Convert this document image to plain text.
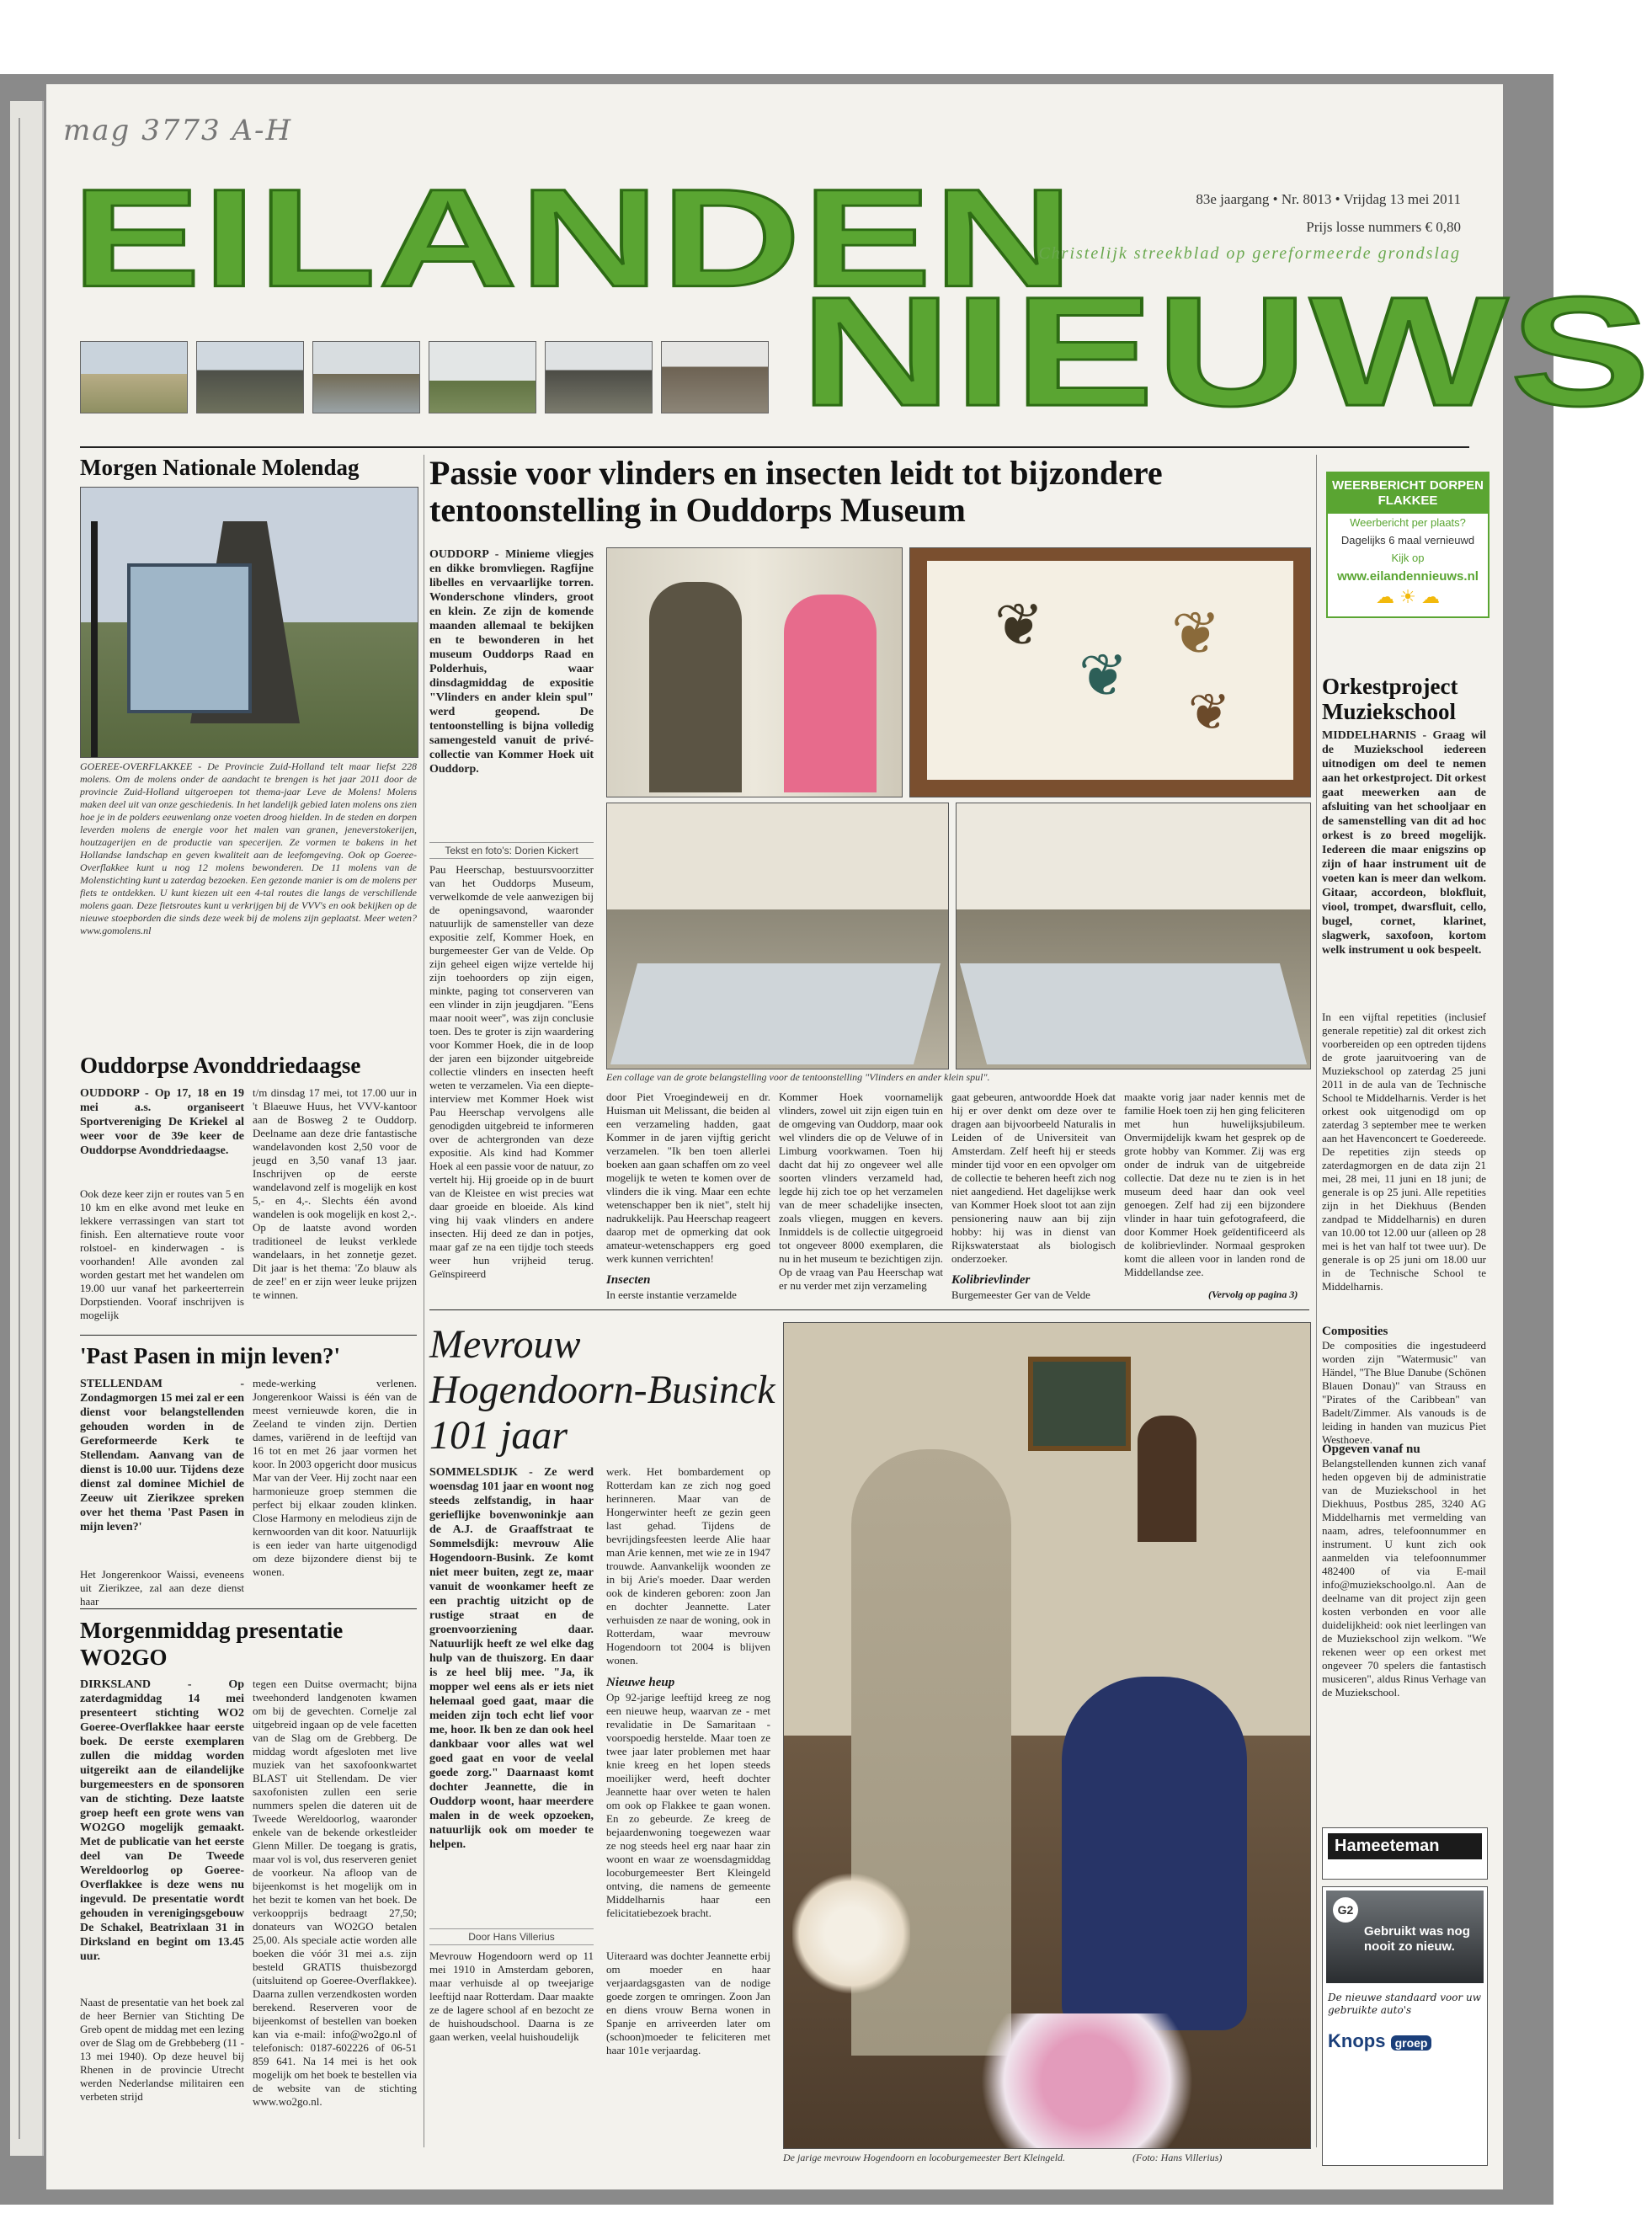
mag 3773 A-H
EILANDEN
NIEUWS
83e jaargang • Nr. 8013 • Vrijdag 13 mei 2011
Prijs losse nummers € 0,80
Christelijk streekblad op gereformeerde grondslag
Morgen Nationale Molendag
GOEREE-OVERFLAKKEE - De Provincie Zuid-Holland telt maar liefst 228 molens. Om de molens onder de aandacht te brengen is het jaar 2011 door de provincie Zuid-Holland uitgeroepen tot thema-jaar Leve de Molens! Molens maken deel uit van onze geschiedenis. In het landelijk gebied laten molens ons zien hoe je in de polders eeuwenlang onze voeten droog hielden. In de steden en dorpen leverden molens de energie voor het malen van granen, jeneverstokerijen, houtzagerijen en de productie van specerijen. Ze vormen te bakens in het Hollandse landschap en geven kwaliteit aan de leefomgeving. Ook op Goeree-Overflakkee kunt u nog 12 molens bewonderen. De 11 molens van de Molenstichting kunt u zaterdag bezoeken. Een gezonde manier is om de molens per fiets te ontdekken. U kunt kiezen uit een 4-tal routes die langs de verschillende molens gaan. Deze fietsroutes kunt u verkrijgen bij de VVV's en ook bekijken op de nieuwe stoepborden die sinds deze week bij de molens zijn geplaatst. Meer weten? www.gomolens.nl
Ouddorpse Avonddriedaagse
OUDDORP - Op 17, 18 en 19 mei a.s. organiseert Sportvereniging De Kriekel al weer voor de 39e keer de Ouddorpse Avonddriedaagse.
Ook deze keer zijn er routes van 5 en 10 km en elke avond met leuke en lekkere verrassingen van start tot finish. Een alternatieve route voor rolstoel- en kinderwagen - is voorhanden! Alle avonden zal worden gestart met het wandelen om 19.00 uur vanaf het parkeerterrein Dorpstienden. Vooraf inschrijven is mogelijk
t/m dinsdag 17 mei, tot 17.00 uur in 't Blaeuwe Huus, het VVV-kantoor aan de Bosweg 2 te Ouddorp. Deelname aan deze drie fantastische wandelavonden kost 2,50 voor de jeugd en 3,50 vanaf 13 jaar. Inschrijven op de eerste wandelavond zelf is mogelijk en kost 5,- en 4,-. Slechts één avond wandelen is ook mogelijk en kost 2,-. Op de laatste avond worden traditioneel de leukst verklede wandelaars, in het zonnetje gezet. Dit jaar is het thema: 'Zo blauw als de zee!' en er zijn weer leuke prijzen te winnen.
'Past Pasen in mijn leven?'
STELLENDAM - Zondagmorgen 15 mei zal er een dienst voor belangstellenden gehouden worden in de Gereformeerde Kerk te Stellendam. Aanvang van de dienst is 10.00 uur. Tijdens deze dienst zal dominee Michiel de Zeeuw uit Zierikzee spreken over het thema 'Past Pasen in mijn leven?'
Het Jongerenkoor Waissi, eveneens uit Zierikzee, zal aan deze dienst haar
mede-werking verlenen. Jongerenkoor Waissi is één van de meest vernieuwde koren, die in Zeeland te vinden zijn. Dertien dames, variërend in de leeftijd van 16 tot en met 26 jaar vormen het koor. In 2003 opgericht door musicus Mar van der Veer. Hij zocht naar een harmonieuze groep stemmen die perfect bij elkaar zouden klinken. Close Harmony en melodieus zijn de kernwoorden van dit koor. Natuurlijk is een ieder van harte uitgenodigd om deze bijzondere dienst bij te wonen.
Morgenmiddag presentatie WO2GO
DIRKSLAND - Op zaterdagmiddag 14 mei presenteert stichting WO2 Goeree-Overflakkee haar eerste boek. De eerste exemplaren zullen die middag worden uitgereikt aan de eilandelijke burgemeesters en de sponsoren van de stichting. Deze laatste groep heeft een grote wens van WO2GO mogelijk gemaakt. Met de publicatie van het eerste deel van De Tweede Wereldoorlog op Goeree-Overflakkee is deze wens nu ingevuld. De presentatie wordt gehouden in verenigingsgebouw De Schakel, Beatrixlaan 31 in Dirksland en begint om 13.45 uur.
Naast de presentatie van het boek zal de heer Bernier van Stichting De Greb opent de middag met een lezing over de Slag om de Grebbeberg (11 - 13 mei 1940). Op deze heuvel bij Rhenen in de provincie Utrecht werden Nederlandse militairen een verbeten strijd
tegen een Duitse overmacht; bijna tweehonderd landgenoten kwamen om bij de gevechten. Cornelje zal uitgebreid ingaan op de vele facetten van de Slag om de Grebberg. De middag wordt afgesloten met live muziek van het saxofoonkwartet BLAST uit Stellendam. De vier saxofonisten zullen een serie nummers spelen die dateren uit de Tweede Wereldoorlog, waaronder enkele van de bekende orkestleider Glenn Miller. De toegang is gratis, maar vol is vol, dus reserveren geniet de voorkeur. Na afloop van de bijeenkomst is het mogelijk om in het bezit te komen van het boek. De verkoopprijs bedraagt 27,50; donateurs van WO2GO betalen 25,00. Als speciale actie worden alle boeken die vóór 31 mei a.s. zijn besteld GRATIS thuisbezorgd (uitsluitend op Goeree-Overflakkee). Daarna zullen verzendkosten worden berekend. Reserveren voor de bijeenkomst of bestellen van boeken kan via e-mail: info@wo2go.nl of telefonisch: 0187-602226 of 06-51 859 641. Na 14 mei is het ook mogelijk om het boek te bestellen via de website van de stichting www.wo2go.nl.
Passie voor vlinders en insecten leidt tot bijzondere tentoonstelling in Ouddorps Museum
OUDDORP - Minieme vliegjes en dikke bromvliegen. Ragfijne libelles en vervaarlijke torren. Wonderschone vlinders, groot en klein. Ze zijn de komende maanden allemaal te bekijken en te bewonderen in het museum Ouddorps Raad en Polderhuis, waar dinsdagmiddag de expositie "Vlinders en ander klein spul" werd geopend. De tentoonstelling is bijna volledig samengesteld vanuit de privé-collectie van Kommer Hoek uit Ouddorp.
Tekst en foto's: Dorien Kickert
Pau Heerschap, bestuursvoorzitter van het Ouddorps Museum, verwelkomde de vele aanwezigen bij de openingsavond, waaronder natuurlijk de samensteller van deze expositie zelf, Kommer Hoek, en burgemeester Ger van de Velde. Op zijn geheel eigen wijze vertelde hij zijn toehoorders op zijn eigen, minkte, paging tot conserveren van een vlinder in zijn jeugdjaren. "Eens maar nooit weer", was zijn conclusie toen. Des te groter is zijn waardering voor Kommer Hoek, die in de loop der jaren een bijzonder uitgebreide collectie vlinders en insecten heeft weten te verzamelen. Via een diepte-interview met Kommer Hoek wist Pau Heerschap vervolgens alle genodigden uitgebreid te informeren over de achtergronden van deze expositie. Als kind had Kommer Hoek al een passie voor de natuur, zo vertelt hij. Hij groeide op in de buurt van de Kleistee en wist precies wat daar groeide en bloeide. Als kind ving hij vaak vlinders en andere insecten. Hij deed ze dan in potjes, maar gaf ze na een tijdje toch steeds weer hun vrijheid terug. Geïnspireerd
❦
❦
❦
❦
Een collage van de grote belangstelling voor de tentoonstelling "Vlinders en ander klein spul".
door Piet Vroegindeweij en dr. Huisman uit Melissant, die beiden al een verzameling hadden, gaat Kommer in de jaren vijftig gericht verzamelen. "Ik ben toen allerlei boeken aan gaan schaffen om zo veel mogelijk te weten te komen over de vlinders die ik ving. Maar een echte wetenschapper ben ik niet", stelt hij nadrukkelijk. Pau Heerschap reageert daarop met de opmerking dat ook amateur-wetenschappers erg goed werk kunnen verrichten!
Insecten
In eerste instantie verzamelde
Kommer Hoek voornamelijk vlinders, zowel uit zijn eigen tuin en de omgeving van Ouddorp, maar ook wel vlinders die op de Veluwe of in Limburg voorkwamen. Toen hij dacht dat hij zo ongeveer wel alle soorten vlinders verzameld had, legde hij zich toe op het verzamelen van de meer schadelijke insecten, zoals vliegen, muggen en kevers. Inmiddels is de collectie uitgegroeid tot ongeveer 8000 exemplaren, die nu in het museum te bezichtigen zijn. Op de vraag van Pau Heerschap wat er nu verder met zijn verzameling
gaat gebeuren, antwoordde Hoek dat hij er over denkt om deze over te dragen aan bijvoorbeeld Naturalis in Leiden of de Universiteit van Amsterdam. Zelf heeft hij er steeds minder tijd voor en een opvolger om de collectie te beheren heeft zich nog niet aangediend. Het dagelijkse werk van Kommer Hoek sloot tot aan zijn pensionering nauw aan bij zijn hobby: hij was in dienst van Rijkswaterstaat als biologisch onderzoeker.
Kolibrievlinder
Burgemeester Ger van de Velde
maakte vorig jaar nader kennis met de familie Hoek toen zij hen ging feliciteren met hun huwelijksjubileum. Onvermijdelijk kwam het gesprek op de grote hobby van Kommer. Zij was erg onder de indruk van de uitgebreide collectie. Dat deze nu te zien is in het museum deed haar dan ook veel genoegen. Zelf had zij een bijzondere vlinder in haar tuin gefotografeerd, die door Kommer Hoek geïdentificeerd als de kolibrievlinder. Normaal gesproken komt die alleen voor in landen rond de Middellandse zee.
(Vervolg op pagina 3)
Mevrouw Hogendoorn-Businck 101 jaar
SOMMELSDIJK - Ze werd woensdag 101 jaar en woont nog steeds zelfstandig, in haar gerieflijke bovenwoninkje aan de A.J. de Graaffstraat te Sommelsdijk: mevrouw Alie Hogendoorn-Busink. Ze komt niet meer buiten, zegt ze, maar vanuit de woonkamer heeft ze een prachtig uitzicht op de rustige straat en de groenvoorziening daar. Natuurlijk heeft ze wel elke dag hulp van de thuiszorg. En daar is ze heel blij mee. "Ja, ik mopper wel eens als er iets niet helemaal goed gaat, maar die meiden zijn toch echt lief voor me, hoor. Ik ben ze dan ook heel dankbaar voor alles wat wel goed gaat en voor de veelal goede zorg." Daarnaast komt dochter Jeannette, die in Ouddorp woont, haar meerdere malen in de week opzoeken, natuurlijk ook om moeder te helpen.
Door Hans Villerius
Mevrouw Hogendoorn werd op 11 mei 1910 in Amsterdam geboren, maar verhuisde al op tweejarige leeftijd naar Rotterdam. Daar maakte ze de lagere school af en bezocht ze de huishoudschool. Daarna is ze gaan werken, veelal huishoudelijk
werk. Het bombardement op Rotterdam kan ze zich nog goed herinneren. Maar van de Hongerwinter heeft ze gezin geen last gehad. Tijdens de bevrijdingsfeesten leerde Alie haar man Arie kennen, met wie ze in 1947 trouwde. Aanvankelijk woonden ze in bij Arie's moeder. Daar werden ook de kinderen geboren: zoon Jan en dochter Jeannette. Later verhuisden ze naar de woning, ook in Rotterdam, waar mevrouw Hogendoorn tot 2004 is blijven wonen.
Nieuwe heup
Op 92-jarige leeftijd kreeg ze nog een nieuwe heup, waarvan ze - met revalidatie in De Samaritaan - voorspoedig herstelde. Maar toen ze twee jaar later problemen met haar knie kreeg en het lopen steeds moeilijker werd, heeft dochter Jeannette haar over weten te halen om ook op Flakkee te gaan wonen. En zo gebeurde. Ze kreeg de bejaardenwoning toegewezen waar ze nog steeds heel erg naar haar zin woont en waar ze woensdagmiddag locoburgemeester Bert Kleingeld ontving, die namens de gemeente Middelharnis haar een felicitatiebezoek bracht.
Uiteraard was dochter Jeannette erbij om moeder en haar verjaardagsgasten van de nodige goede zorgen te omringen. Zoon Jan en diens vrouw Berna wonen in Spanje en arriveerden later om (schoon)moeder te feliciteren met haar 101e verjaardag.
De jarige mevrouw Hogendoorn en locoburgemeester Bert Kleingeld.	(Foto: Hans Villerius)
WEERBERICHT DORPEN FLAKKEE
Weerbericht per plaats?
Dagelijks 6 maal vernieuwd
Kijk op
www.eilandennieuws.nl
☁ ☀ ☁
Orkestproject Muziekschool
MIDDELHARNIS - Graag wil de Muziekschool iedereen uitnodigen om deel te nemen aan het orkestproject. Dit orkest gaat meewerken aan de afsluiting van het schooljaar en de samenstelling van dit ad hoc orkest is zo breed mogelijk. Iedereen die maar enigszins op zijn of haar instrument uit de voeten kan is meer dan welkom. Gitaar, accordeon, blokfluit, viool, trompet, dwarsfluit, cello, bugel, cornet, klarinet, slagwerk, saxofoon, kortom welk instrument u ook bespeelt.
In een vijftal repetities (inclusief generale repetitie) zal dit orkest zich voorbereiden op een optreden tijdens de grote jaaruitvoering van de Muziekschool op zaterdag 25 juni 2011 in de aula van de Technische School te Middelharnis. Verder is het orkest ook uitgenodigd om op zaterdag 3 september mee te werken aan het Havenconcert te Goedereede. De repetities zijn steeds op zaterdagmorgen en de data zijn 21 mei, 28 mei, 11 juni en 18 juni; de generale is op 25 juni. Alle repetities zijn in het Diekhuus (Benden zandpad te Middelharnis) en duren van 10.00 tot 12.00 uur (alleen op 28 mei is het van half tot twee uur). De generale is op 25 juni om 18.00 uur in de Technische School te Middelharnis.
Composities
De composities die ingestudeerd worden zijn "Watermusic" van Händel, "The Blue Danube (Schönen Blauen Donau)" van Strauss en "Pirates of the Caribbean" van Badelt/Zimmer. Als vanouds is de leiding in handen van muzicus Piet Westhoeve.
Opgeven vanaf nu
Belangstellenden kunnen zich vanaf heden opgeven bij de administratie van de Muziekschool in het Diekhuus, Postbus 285, 3240 AG Middelharnis met vermelding van naam, adres, telefoonnummer en instrument. U kunt zich ook aanmelden via telefoonnummer 482400 of via E-mail info@muziekschoolgo.nl. Aan de deelname van dit project zijn geen kosten verbonden en voor alle duidelijkheid: ook niet leerlingen van de Muziekschool zijn welkom. "We rekenen weer op een orkest met ongeveer 70 spelers die fantastisch musiceren", aldus Rinus Verhage van de Muziekschool.
Hameeteman
G2
Gebruikt was nog nooit zo nieuw.
De nieuwe standaard voor uw gebruikte auto's
Knops groep
